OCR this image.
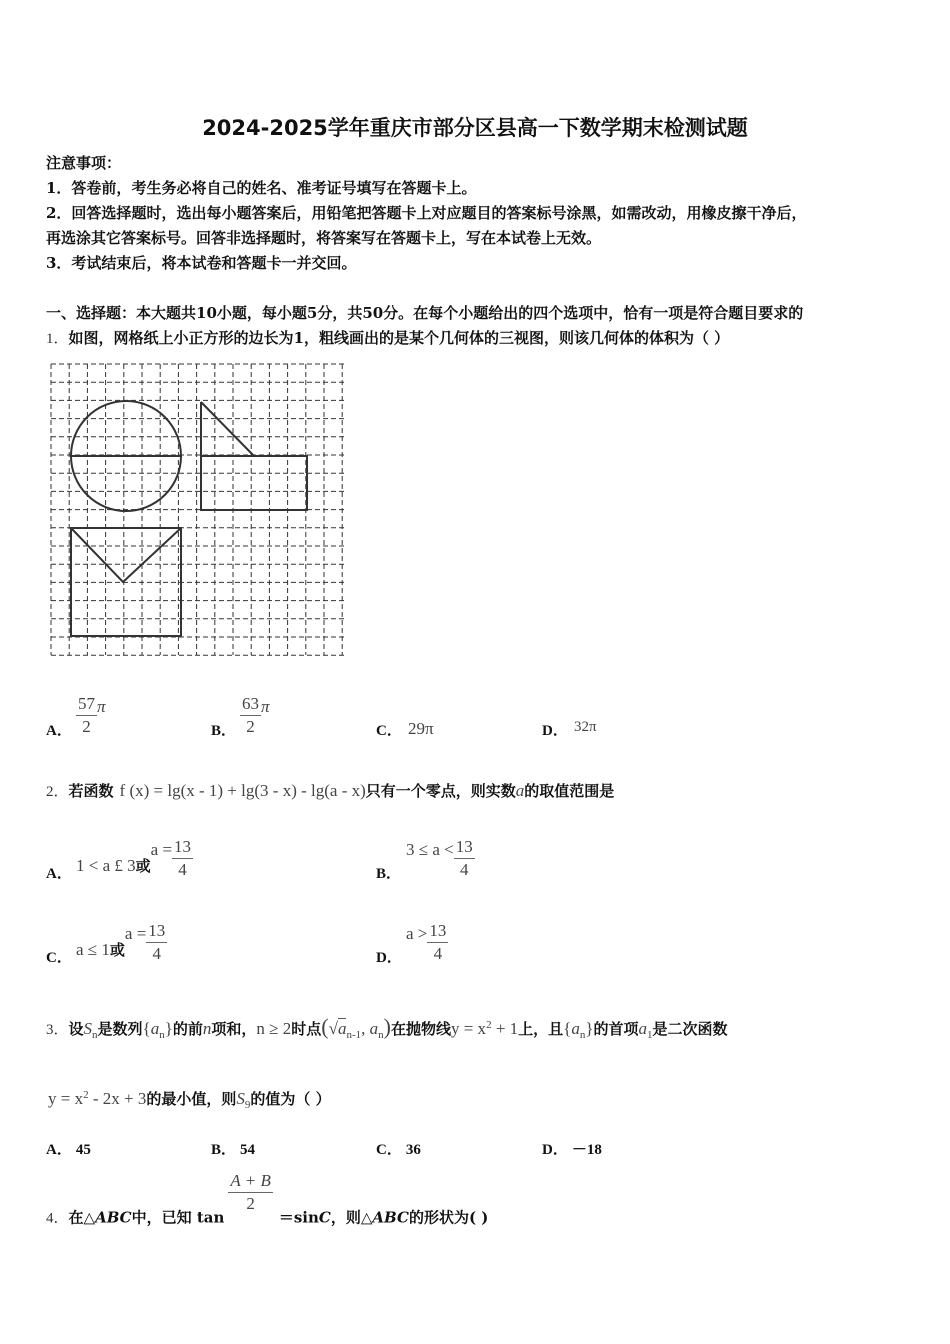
2024-2025学年重庆市部分区县高一下数学期末检测试题
注意事项：
1．答卷前，考生务必将自己的姓名、准考证号填写在答题卡上。
2．回答选择题时，选出每小题答案后，用铅笔把答题卡上对应题目的答案标号涂黑，如需改动，用橡皮擦干净后，
再选涂其它答案标号。回答非选择题时，将答案写在答题卡上，写在本试卷上无效。
3．考试结束后，将本试卷和答题卡一并交回。
一、选择题：本大题共10小题，每小题5分，共50分。在每个小题给出的四个选项中，恰有一项是符合题目要求的
1．如图，网格纸上小正方形的边长为1，粗线画出的是某个几何体的三视图，则该几何体的体积为（ ）
A． $\frac{57}{2}$ π
B． $\frac{63}{2}$ π
C． 29π	D． 32π
2．若函数 f (x) = lg(x - 1) + lg(3 - x) - lg(a - x)只有一个零点，则实数a的取值范围是
A． 1 < a £ 3或$a = \frac{13}{4}$	B．
$3 \le a < \frac{13}{4}$
C． a ≤ 1或$a = \frac{13}{4}$	D．
$a > \frac{13}{4}$
3．设$S_n$是数列$\{a_n\}$的前n项和，n ≥ 2时点($√a_{n-1}$, $a_n$)在抛物线$y = x^2 + 1$上，且$\{a_n\}$的首项$a_1$是二次函数
$y = x^2 - 2x + 3$的最小值，则$S_9$的值为（ ）
A． 45	B． 54	C． 36	D． －18
4．在△ABC中，已知 tan
$\frac{A + B}{2}$
＝sinC，则△ABC的形状为( )
